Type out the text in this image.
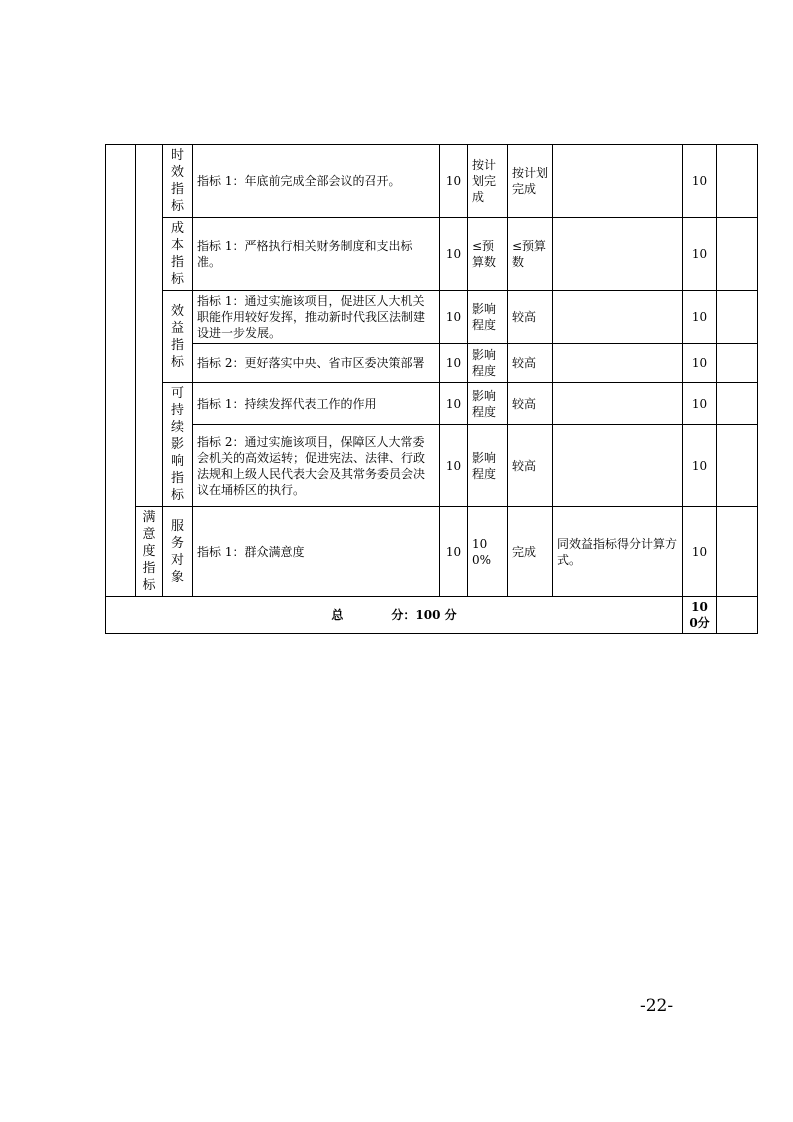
		时效指标	指标 1：年底前完成全部会议的召开。	10	按计划完成	按计划完成		10	

		成本指标	指标 1：严格执行相关财务制度和支出标准。	10	≤预算数	≤预算数		10	

		效益指标	指标 1：通过实施该项目，促进区人大机关职能作用较好发挥，推动新时代我区法制建设进一步发展。	10	影响程度	较高		10	
			指标 2：更好落实中央、省市区委决策部署	10	影响程度	较高		10	

		可持续影响指标	指标 1：持续发挥代表工作的作用	10	影响程度	较高		10	
			指标 2：通过实施该项目，保障区人大常委会机关的高效运转；促进宪法、法律、行政法规和上级人民代表大会及其常务委员会决议在埇桥区的执行。	10	影响程度	较高		10	

	满意度指标	服务对象	指标 1：群众满意度	10	100%	完成	同效益指标得分计算方式。	10	
总 分：100 分								100分	
-22-
